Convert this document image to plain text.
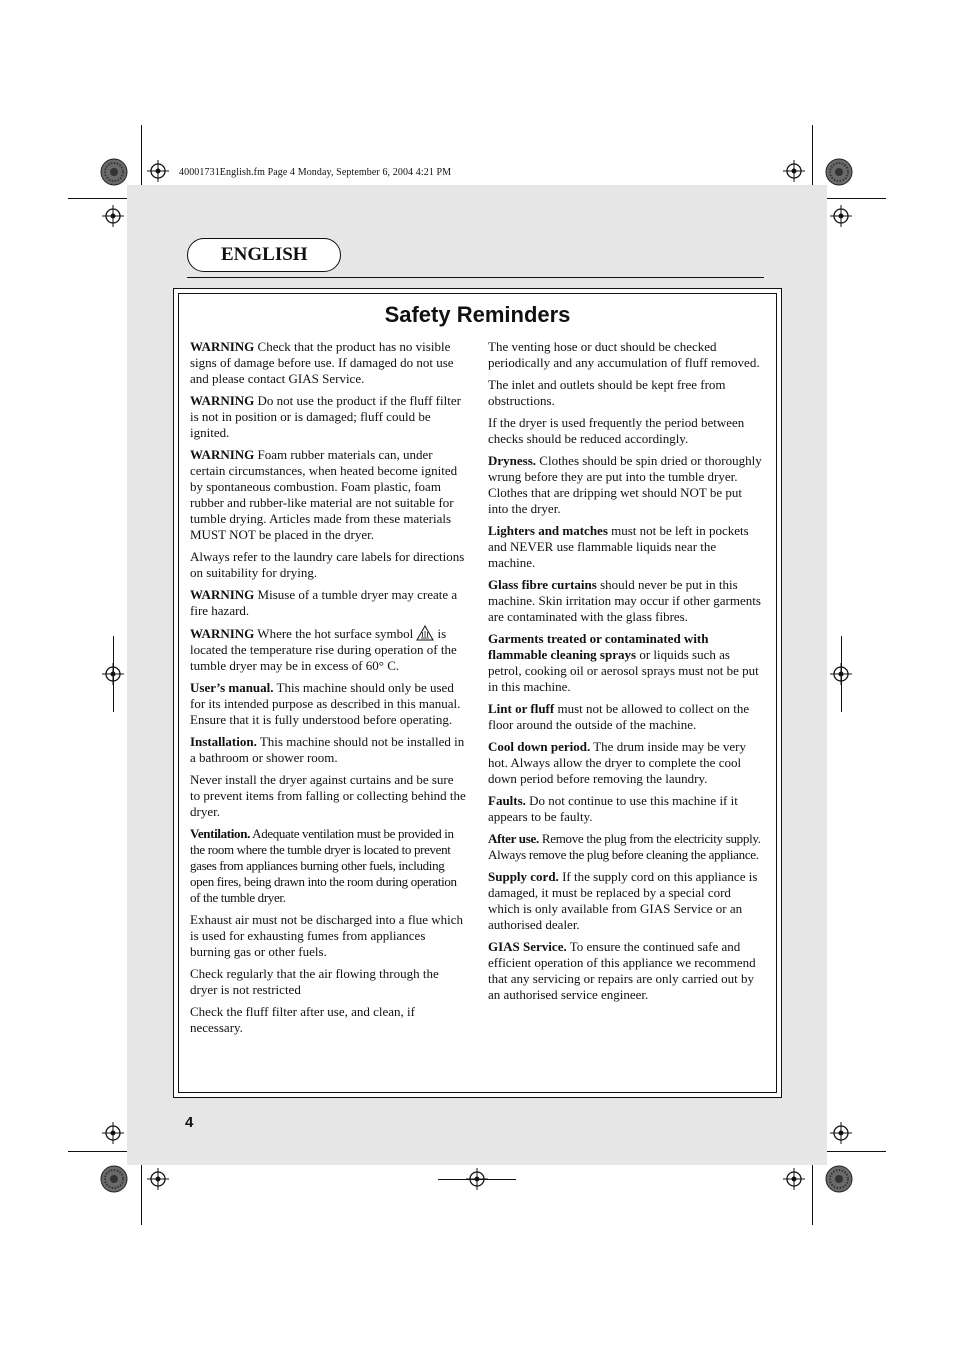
40001731English.fm Page 4 Monday, September 6, 2004 4:21 PM
ENGLISH
Safety Reminders

WARNING Check that the product has no visible signs of damage before use. If damaged do not use and please contact GIAS Service.

WARNING Do not use the product if the fluff filter is not in position or is damaged; fluff could be ignited.

WARNING Foam rubber materials can, under certain circumstances, when heated become ignited by spontaneous combustion. Foam plastic, foam rubber and rubber-like material are not suitable for tumble drying. Articles made from these materials MUST NOT be placed in the dryer.

Always refer to the laundry care labels for directions on suitability for drying.

WARNING Misuse of a tumble dryer may create a fire hazard.

WARNING Where the hot surface symbol is located the temperature rise during operation of the tumble dryer may be in excess of 60° C.

User’s manual. This machine should only be used for its intended purpose as described in this manual. Ensure that it is fully understood before operating.

Installation. This machine should not be installed in a bathroom or shower room.

Never install the dryer against curtains and be sure to prevent items from falling or collecting behind the dryer.

Ventilation. Adequate ventilation must be provided in the room where the tumble dryer is located to prevent gases from appliances burning other fuels, including open fires, being drawn into the room during operation of the tumble dryer.

Exhaust air must not be discharged into a flue which is used for exhausting fumes from appliances burning gas or other fuels.

Check regularly that the air flowing through the dryer is not restricted

Check the fluff filter after use, and clean, if necessary.

The venting hose or duct should be checked periodically and any accumulation of fluff removed.

The inlet and outlets should be kept free from obstructions.

If the dryer is used frequently the period between checks should be reduced accordingly.

Dryness. Clothes should be spin dried or thoroughly wrung before they are put into the tumble dryer. Clothes that are dripping wet should NOT be put into the dryer.

Lighters and matches must not be left in pockets and NEVER use flammable liquids near the machine.

Glass fibre curtains should never be put in this machine. Skin irritation may occur if other garments are contaminated with the glass fibres.

Garments treated or contaminated with flammable cleaning sprays or liquids such as petrol, cooking oil or aerosol sprays must not be put in this machine.

Lint or fluff must not be allowed to collect on the floor around the outside of the machine.

Cool down period. The drum inside may be very hot. Always allow the dryer to complete the cool down period before removing the laundry.

Faults. Do not continue to use this machine if it appears to be faulty.

After use. Remove the plug from the electricity supply. Always remove the plug before cleaning the appliance.

Supply cord. If the supply cord on this appliance is damaged, it must be replaced by a special cord which is only available from GIAS Service or an authorised dealer.

GIAS Service. To ensure the continued safe and efficient operation of this appliance we recommend that any servicing or repairs are only carried out by an authorised service engineer.

4
